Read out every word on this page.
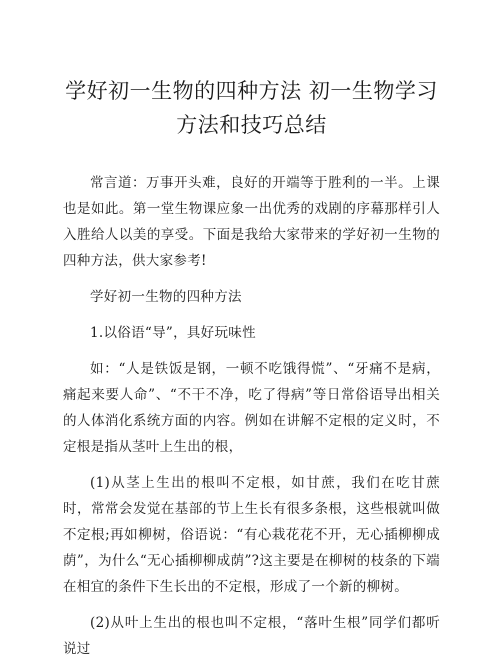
学好初一生物的四种方法 初一生物学习方法和技巧总结

常言道：万事开头难，良好的开端等于胜利的一半。上课也是如此。第一堂生物课应象一出优秀的戏剧的序幕那样引人入胜给人以美的享受。下面是我给大家带来的学好初一生物的四种方法，供大家参考!

学好初一生物的四种方法

1.以俗语“导”，具好玩味性

如：“人是铁饭是钢，一顿不吃饿得慌”、“牙痛不是病，痛起来要人命”、“不干不净，吃了得病”等日常俗语导出相关的人体消化系统方面的内容。例如在讲解不定根的定义时，不定根是指从茎叶上生出的根，

(1)从茎上生出的根叫不定根，如甘蔗，我们在吃甘蔗时，常常会发觉在基部的节上生长有很多条根，这些根就叫做不定根;再如柳树，俗语说：“有心栽花花不开，无心插柳柳成荫”，为什么“无心插柳柳成荫”?这主要是在柳树的枝条的下端在相宜的条件下生长出的不定根，形成了一个新的柳树。

(2)从叶上生出的根也叫不定根，“落叶生根”同学们都听说过
